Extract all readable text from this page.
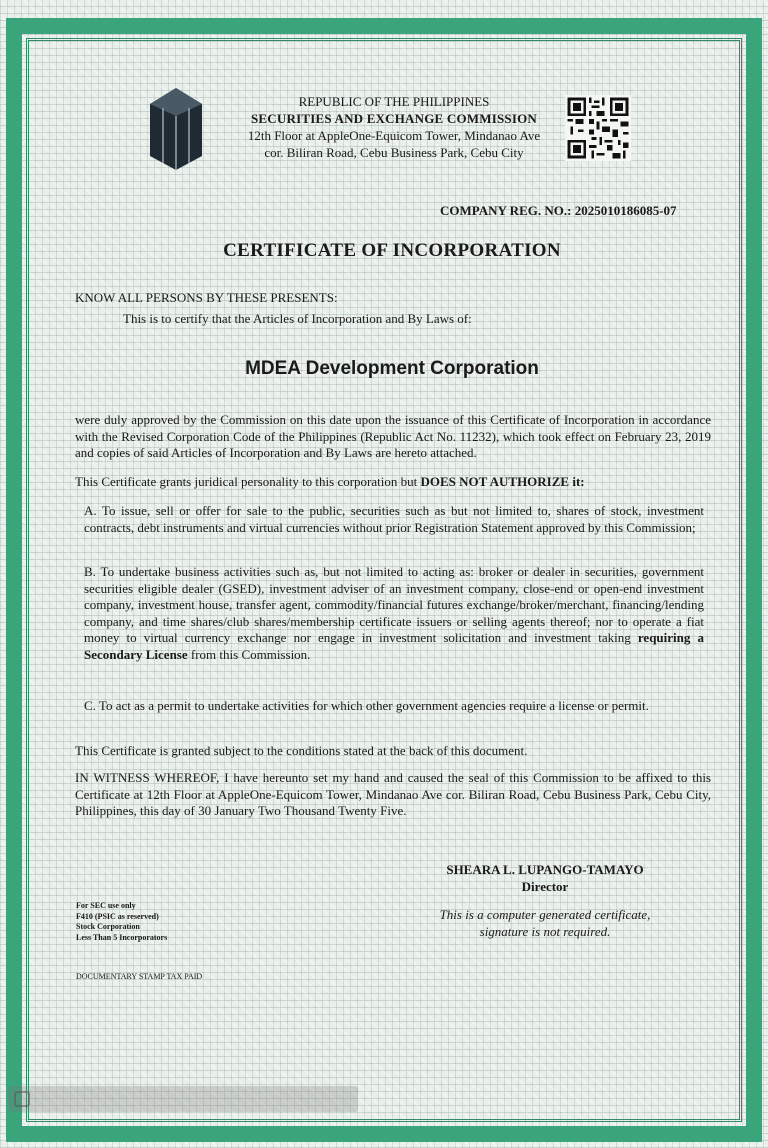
REPUBLIC OF THE PHILIPPINES
SECURITIES AND EXCHANGE COMMISSION
12th Floor at AppleOne-Equicom Tower, Mindanao Ave
cor. Biliran Road, Cebu Business Park, Cebu City
COMPANY REG. NO.: 2025010186085-07
CERTIFICATE OF INCORPORATION
KNOW ALL PERSONS BY THESE PRESENTS:
This is to certify that the Articles of Incorporation and By Laws of:
MDEA Development Corporation
were duly approved by the Commission on this date upon the issuance of this Certificate of Incorporation in accordance with the Revised Corporation Code of the Philippines (Republic Act No. 11232), which took effect on February 23, 2019 and copies of said Articles of Incorporation and By Laws are hereto attached.
This Certificate grants juridical personality to this corporation but DOES NOT AUTHORIZE it:
A. To issue, sell or offer for sale to the public, securities such as but not limited to, shares of stock, investment contracts, debt instruments and virtual currencies without prior Registration Statement approved by this Commission;
B. To undertake business activities such as, but not limited to acting as: broker or dealer in securities, government securities eligible dealer (GSED), investment adviser of an investment company, close-end or open-end investment company, investment house, transfer agent, commodity/financial futures exchange/broker/merchant, financing/lending company, and time shares/club shares/membership certificate issuers or selling agents thereof; nor to operate a fiat money to virtual currency exchange nor engage in investment solicitation and investment taking requiring a Secondary License from this Commission.
C. To act as a permit to undertake activities for which other government agencies require a license or permit.
This Certificate is granted subject to the conditions stated at the back of this document.
IN WITNESS WHEREOF, I have hereunto set my hand and caused the seal of this Commission to be affixed to this Certificate at 12th Floor at AppleOne-Equicom Tower, Mindanao Ave cor. Biliran Road, Cebu Business Park, Cebu City, Philippines, this day of 30 January Two Thousand Twenty Five.
SHEARA L. LUPANGO-TAMAYO
Director
This is a computer generated certificate,
signature is not required.
For SEC use only
F410 (PSIC as reserved)
Stock Corporation
Less Than 5 Incorporators
DOCUMENTARY STAMP TAX PAID
